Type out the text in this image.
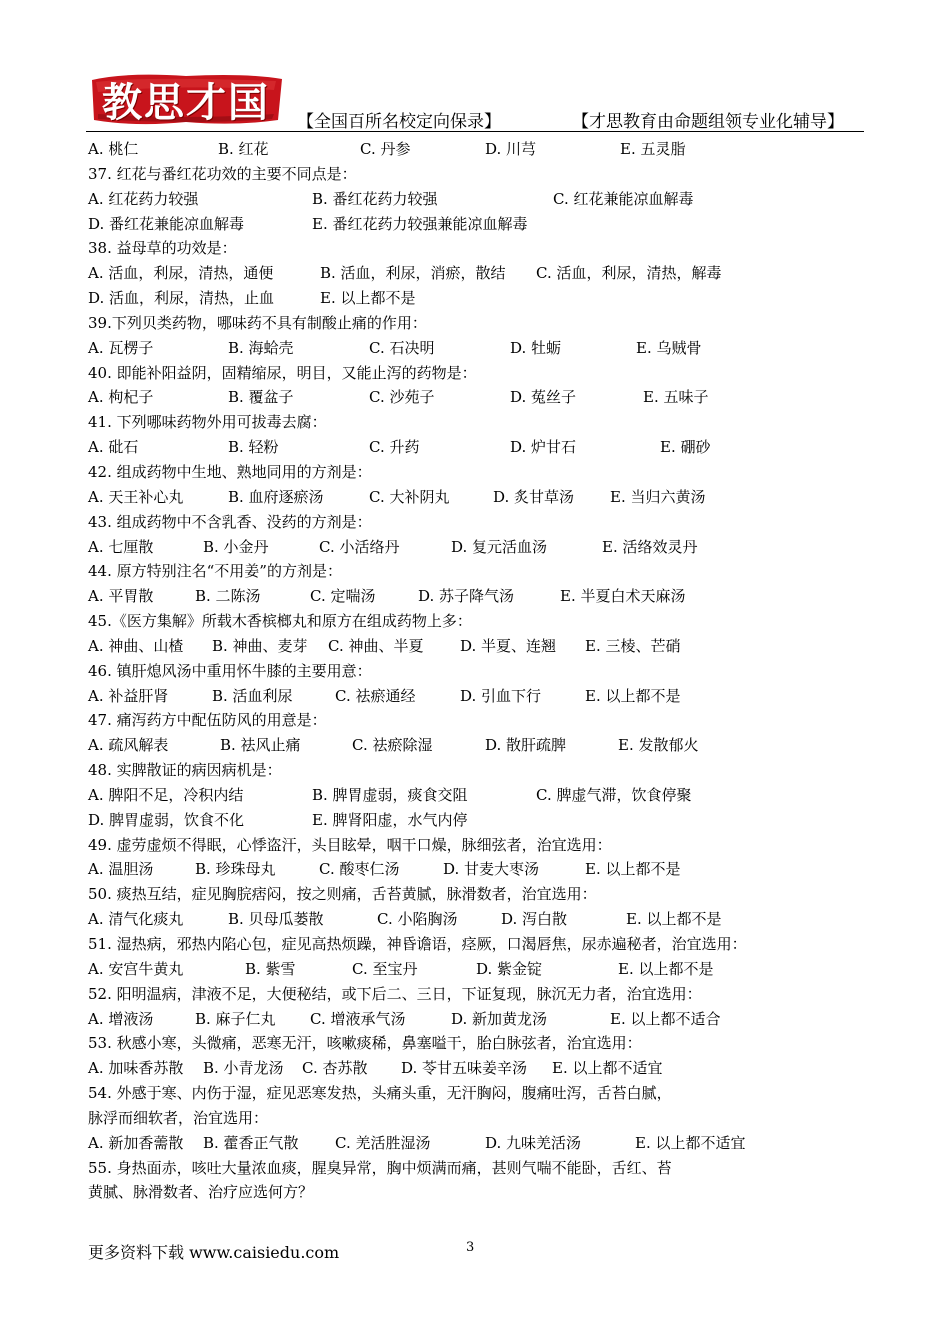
教思才国	【全国百所名校定向保录】	【才思教育由命题组领专业化辅导】
A. 桃仁	B. 红花	C. 丹参	D. 川芎	E. 五灵脂
37. 红花与番红花功效的主要不同点是：
A. 红花药力较强	B. 番红花药力较强	C. 红花兼能凉血解毒
D. 番红花兼能凉血解毒	E. 番红花药力较强兼能凉血解毒
38. 益母草的功效是：
A. 活血，利尿，清热，通便	B. 活血，利尿，消瘀，散结 C. 活血，利尿，清热，解毒
D. 活血，利尿，清热，止血	E. 以上都不是
39.下列贝类药物，哪味药不具有制酸止痛的作用：
A. 瓦楞子	B. 海蛤壳	C. 石决明	D. 牡蛎	E. 乌贼骨
40. 即能补阳益阴，固精缩尿，明目，又能止泻的药物是：
A. 枸杞子	B. 覆盆子	C. 沙苑子	D. 菟丝子	E. 五味子
41. 下列哪味药物外用可拔毒去腐：
A. 砒石	B. 轻粉	C. 升药	D. 炉甘石	E. 硼砂
42. 组成药物中生地、熟地同用的方剂是：
A. 天王补心丸	B. 血府逐瘀汤	C. 大补阴丸	D. 炙甘草汤 E. 当归六黄汤
43. 组成药物中不含乳香、没药的方剂是：
A. 七厘散	B. 小金丹	C. 小活络丹	D. 复元活血汤	E. 活络效灵丹
44. 原方特别注名“不用姜”的方剂是：
A. 平胃散	B. 二陈汤	C. 定喘汤	D. 苏子降气汤	E. 半夏白术天麻汤
45.《医方集解》所载木香槟榔丸和原方在组成药物上多：
A. 神曲、山楂 B. 神曲、麦芽 C. 神曲、半夏 D. 半夏、连翘 E. 三棱、芒硝
46. 镇肝熄风汤中重用怀牛膝的主要用意：
A. 补益肝肾	B. 活血利尿	C. 祛瘀通经	D. 引血下行	E. 以上都不是
47. 痛泻药方中配伍防风的用意是：
A. 疏风解表	B. 祛风止痛	C. 祛瘀除湿	D. 散肝疏脾	E. 发散郁火
48. 实脾散证的病因病机是：
A. 脾阳不足，冷积内结	B. 脾胃虚弱，痰食交阻	C. 脾虚气滞，饮食停聚
D. 脾胃虚弱，饮食不化	E. 脾肾阳虚，水气内停
49. 虚劳虚烦不得眠，心悸盗汗，头目眩晕，咽干口燥，脉细弦者，治宜选用：
A. 温胆汤	B. 珍珠母丸	C. 酸枣仁汤	D. 甘麦大枣汤	E. 以上都不是
50. 痰热互结，症见胸脘痞闷，按之则痛，舌苔黄腻，脉滑数者，治宜选用：
A. 清气化痰丸	B. 贝母瓜蒌散	C. 小陷胸汤	D. 泻白散	E. 以上都不是
51. 湿热病，邪热内陷心包，症见高热烦躁，神昏谵语，痉厥，口渴唇焦，尿赤遍秘者，治宜选用：
A. 安宫牛黄丸	B. 紫雪	C. 至宝丹	D. 紫金锭	E. 以上都不是
52. 阳明温病，津液不足，大便秘结，或下后二、三日，下证复现，脉沉无力者，治宜选用：
A. 增液汤	B. 麻子仁丸 C. 增液承气汤	D. 新加黄龙汤	E. 以上都不适合
53. 秋感小寒，头微痛，恶寒无汗，咳嗽痰稀，鼻塞嗌干，胎白脉弦者，治宜选用：
A. 加味香苏散 B. 小青龙汤 C. 杏苏散 D. 苓甘五味姜辛汤 E. 以上都不适宜
54. 外感于寒、内伤于湿，症见恶寒发热，头痛头重，无汗胸闷，腹痛吐泻，舌苔白腻，
脉浮而细软者，治宜选用：
A. 新加香薷散 B. 藿香正气散 C. 羌活胜湿汤	D. 九味羌活汤	E. 以上都不适宜
55. 身热面赤，咳吐大量浓血痰，腥臭异常，胸中烦满而痛，甚则气喘不能卧，舌红、苔
黄腻、脉滑数者、治疗应选何方？
更多资料下载 www.caisiedu.com	3
